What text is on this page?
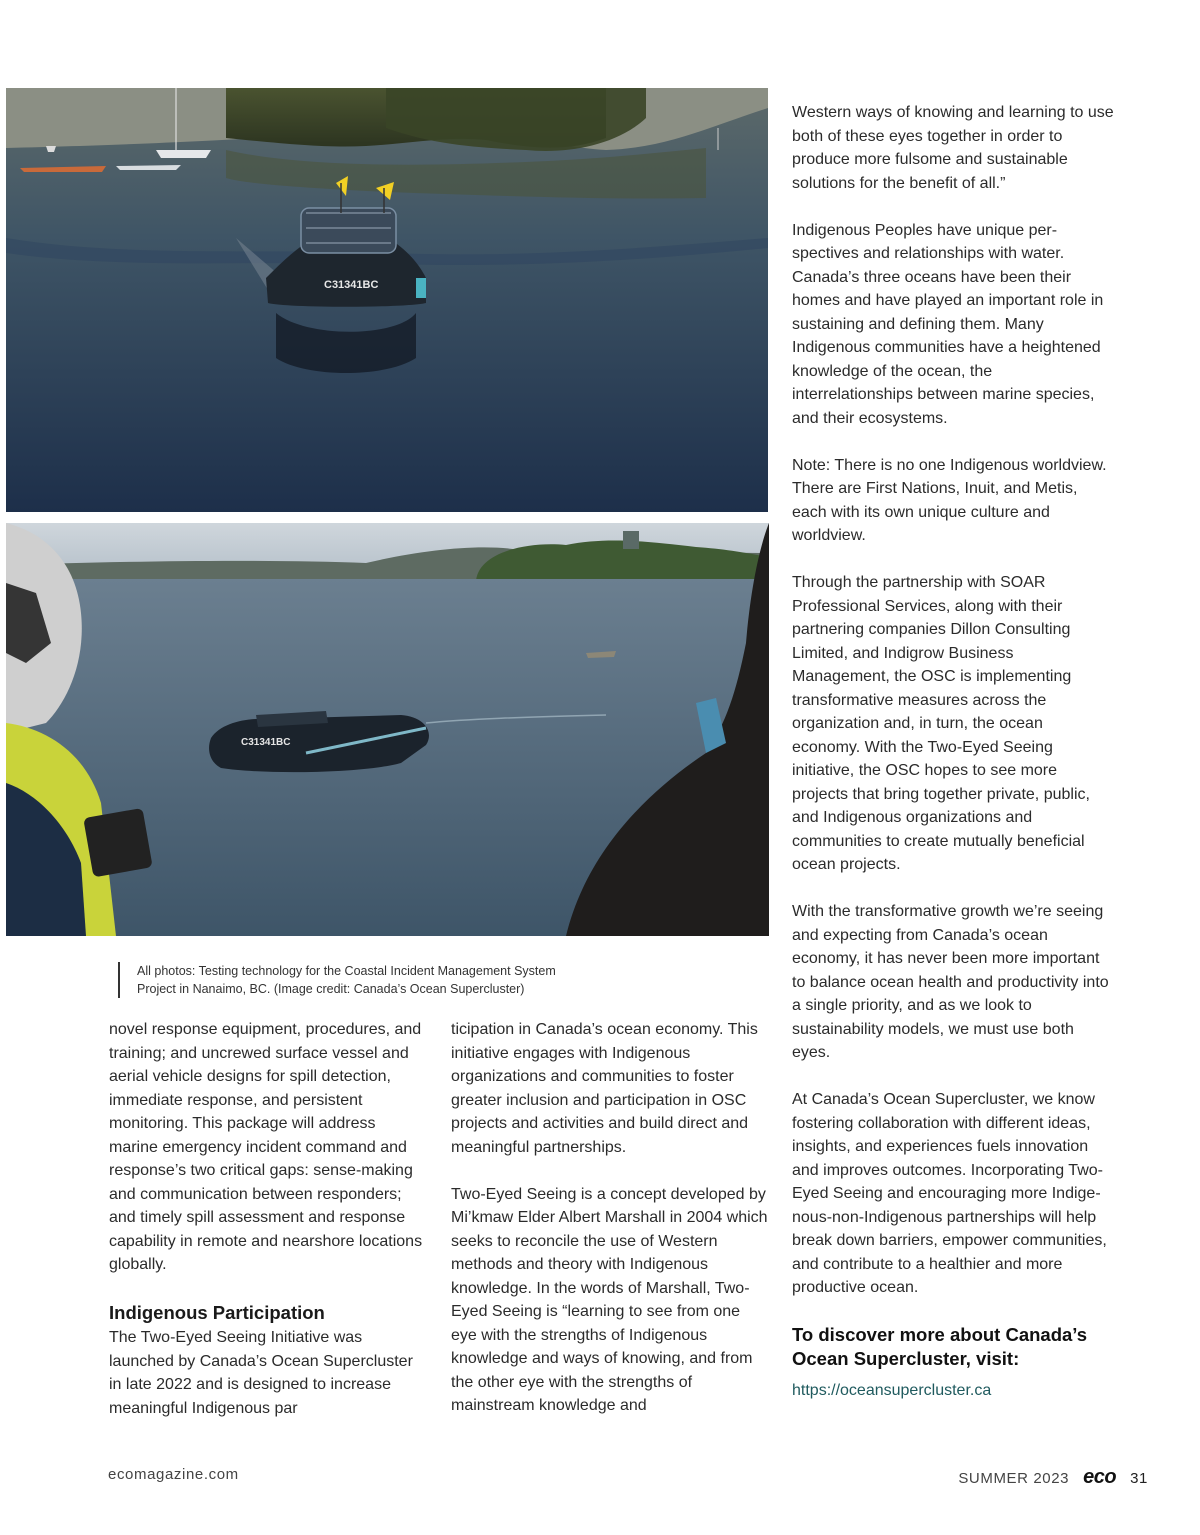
C31341BC
C31341BC

All photos: Testing technology for the Coastal Incident Management System

Project in Nanaimo, BC. (Image credit: Canada’s Ocean Supercluster)

novel response equipment, procedures, and training; and uncrewed surface vessel and aerial vehicle designs for spill detection, immediate response, and persistent monitoring. This package will address marine emergency incident command and response’s two critical gaps: sense-making and communication between responders; and timely spill assessment and response capability in remote and nearshore locations globally.

Indigenous Participation

The Two-Eyed Seeing Initiative was launched by Canada’s Ocean Supercluster in late 2022 and is designed to increase meaningful Indigenous par

ticipation in Canada’s ocean economy. This initiative engages with Indigenous organizations and communities to foster greater inclusion and participation in OSC projects and activities and build direct and meaningful partnerships.

Two-Eyed Seeing is a concept developed by Mi’kmaw Elder Albert Marshall in 2004 which seeks to reconcile the use of Western methods and theory with Indigenous knowledge. In the words of Marshall, Two-Eyed Seeing is “learning to see from one eye with the strengths of Indigenous knowledge and ways of knowing, and from the other eye with the strengths of mainstream knowledge and

Western ways of knowing and learning to use both of these eyes together in order to produce more fulsome and sustainable solutions for the benefit of all.”

Indigenous Peoples have unique perspectives and relationships with water. Canada’s three oceans have been their homes and have played an important role in sustaining and defining them. Many Indigenous communities have a heightened knowledge of the ocean, the interrelationships between marine species, and their ecosystems.

Note: There is no one Indigenous worldview. There are First Nations, Inuit, and Metis, each with its own unique culture and worldview.

Through the partnership with SOAR Professional Services, along with their partnering companies Dillon Consulting Limited, and Indigrow Business Management, the OSC is implementing transformative measures across the organization and, in turn, the ocean economy. With the Two-Eyed Seeing initiative, the OSC hopes to see more projects that bring together private, public, and Indigenous organizations and communities to create mutually beneficial ocean projects.

With the transformative growth we’re seeing and expecting from Canada’s ocean economy, it has never been more important to balance ocean health and productivity into a single priority, and as we look to sustainability models, we must use both eyes.

At Canada’s Ocean Supercluster, we know fostering collaboration with different ideas, insights, and experiences fuels innovation and improves outcomes. Incorporating Two-Eyed Seeing and encouraging more Indigenous-non-Indigenous partnerships will help break down barriers, empower communities, and contribute to a healthier and more productive ocean.

To discover more about Canada’s Ocean Supercluster, visit:
https://oceansupercluster.ca
ecomagazine.com	SUMMER 2023 eco 31
